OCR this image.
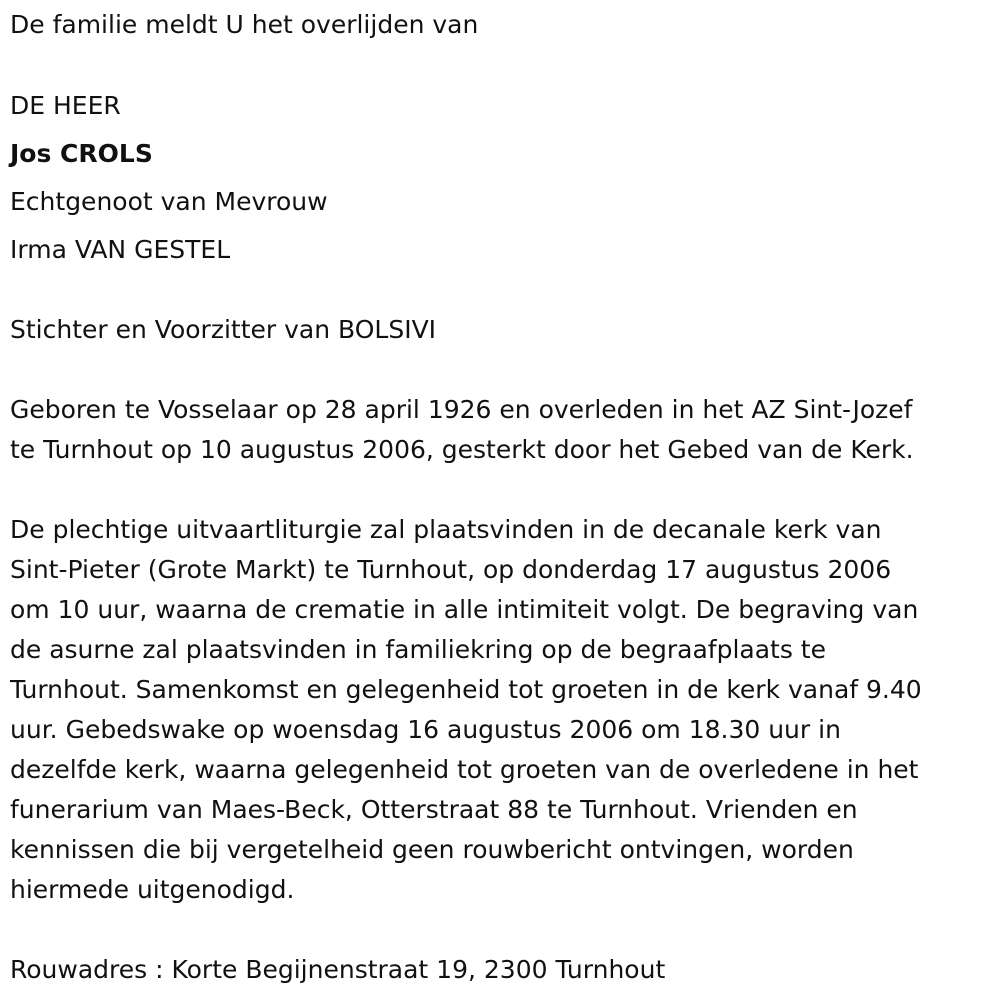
De familie meldt U het overlijden van
DE HEER
Jos CROLS
Echtgenoot van Mevrouw
Irma VAN GESTEL
Stichter en Voorzitter van BOLSIVI
Geboren te Vosselaar op 28 april 1926 en overleden in het AZ Sint-Jozef
te Turnhout op 10 augustus 2006, gesterkt door het Gebed van de Kerk.
De plechtige uitvaartliturgie zal plaatsvinden in de decanale kerk van
Sint-Pieter (Grote Markt) te Turnhout, op donderdag 17 augustus 2006
om 10 uur, waarna de crematie in alle intimiteit volgt. De begraving van
de asurne zal plaatsvinden in familiekring op de begraafplaats te
Turnhout. Samenkomst en gelegenheid tot groeten in de kerk vanaf 9.40
uur. Gebedswake op woensdag 16 augustus 2006 om 18.30 uur in
dezelfde kerk, waarna gelegenheid tot groeten van de overledene in het
funerarium van Maes-Beck, Otterstraat 88 te Turnhout. Vrienden en
kennissen die bij vergetelheid geen rouwbericht ontvingen, worden
hiermede uitgenodigd.
Rouwadres : Korte Begijnenstraat 19, 2300 Turnhout
